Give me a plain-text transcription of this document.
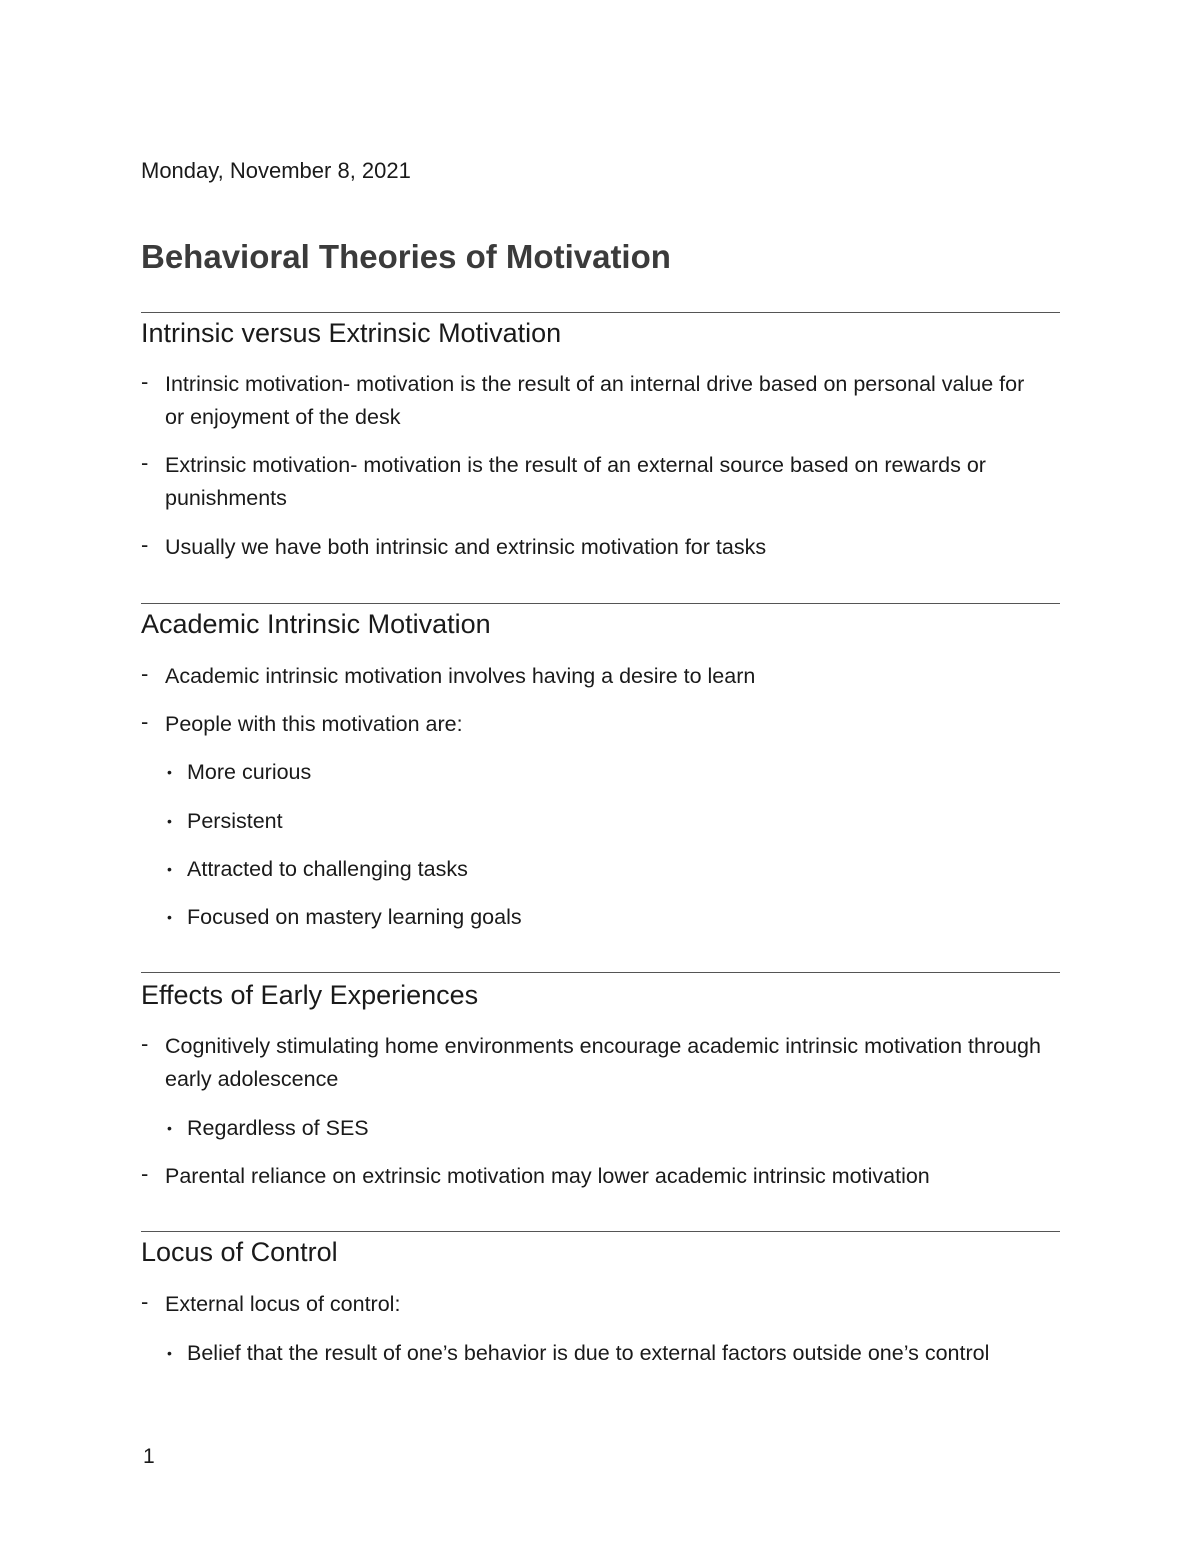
Monday, November 8, 2021
Behavioral Theories of Motivation
Intrinsic versus Extrinsic Motivation
- Intrinsic motivation- motivation is the result of an internal drive based on personal value for or enjoyment of the desk
- Extrinsic motivation- motivation is the result of an external source based on rewards or punishments
- Usually we have both intrinsic and extrinsic motivation for tasks
Academic Intrinsic Motivation
- Academic intrinsic motivation involves having a desire to learn
- People with this motivation are:
• More curious
• Persistent
• Attracted to challenging tasks
• Focused on mastery learning goals
Effects of Early Experiences
- Cognitively stimulating home environments encourage academic intrinsic motivation through early adolescence
• Regardless of SES
- Parental reliance on extrinsic motivation may lower academic intrinsic motivation
Locus of Control
- External locus of control:
• Belief that the result of one’s behavior is due to external factors outside one’s control
1
